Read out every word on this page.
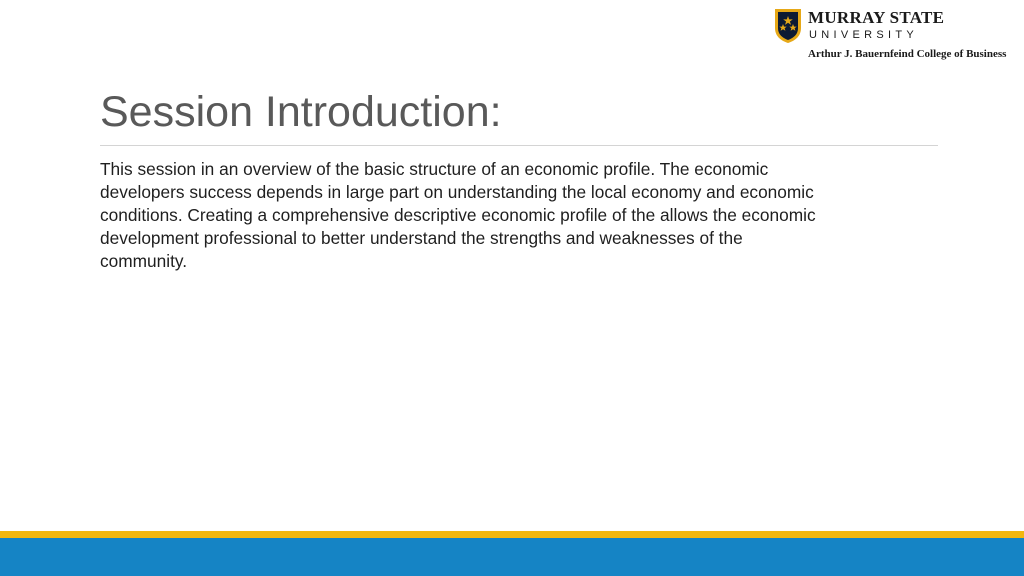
MURRAY STATE
UNIVERSITY
Arthur J. Bauernfeind College of Business
Session Introduction:

This session in an overview of the basic structure of an economic profile. The economic
developers success depends in large part on understanding the local economy and economic
conditions. Creating a comprehensive descriptive economic profile of the allows the economic
development professional to better understand the strengths and weaknesses of the
community.
